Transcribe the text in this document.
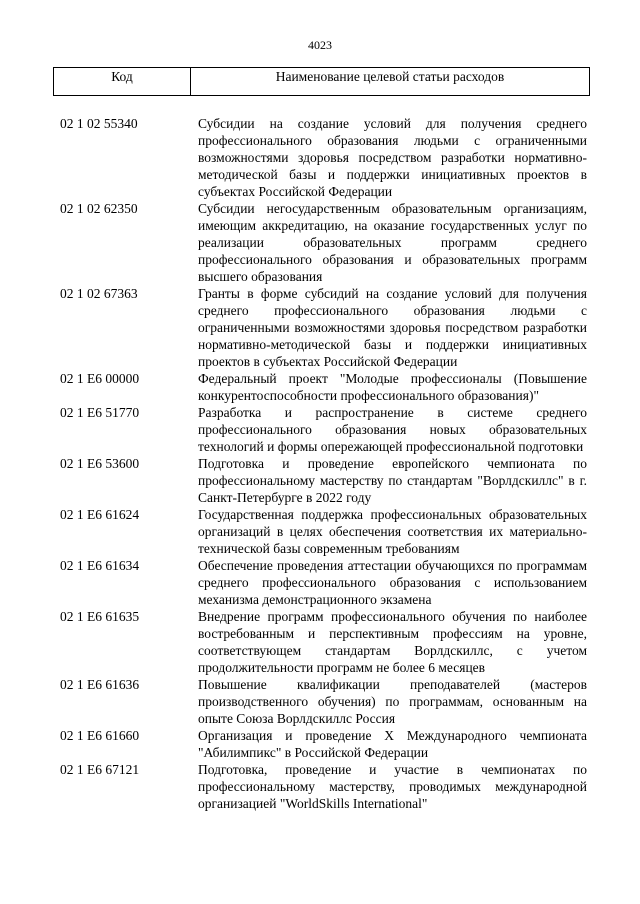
4023
Код	Наименование целевой статьи расходов
02 1 02 55340	Субсидии на создание условий для получения среднего профессионального образования людьми с ограниченными возможностями здоровья посредством разработки нормативно-методической базы и поддержки инициативных проектов в субъектах Российской Федерации
02 1 02 62350	Субсидии негосударственным образовательным организациям, имеющим аккредитацию, на оказание государственных услуг по реализации образовательных программ среднего профессионального образования и образовательных программ высшего образования
02 1 02 67363	Гранты в форме субсидий на создание условий для получения среднего профессионального образования людьми с ограниченными возможностями здоровья посредством разработки нормативно-методической базы и поддержки инициативных проектов в субъектах Российской Федерации
02 1 Е6 00000	Федеральный проект "Молодые профессионалы (Повышение конкурентоспособности профессионального образования)"
02 1 Е6 51770	Разработка и распространение в системе среднего профессионального образования новых образовательных технологий и формы опережающей профессиональной подготовки
02 1 Е6 53600	Подготовка и проведение европейского чемпионата по профессиональному мастерству по стандартам "Ворлдскиллс" в г. Санкт-Петербурге в 2022 году
02 1 Е6 61624	Государственная поддержка профессиональных образовательных организаций в целях обеспечения соответствия их материально-технической базы современным требованиям
02 1 Е6 61634	Обеспечение проведения аттестации обучающихся по программам среднего профессионального образования с использованием механизма демонстрационного экзамена
02 1 Е6 61635	Внедрение программ профессионального обучения по наиболее востребованным и перспективным профессиям на уровне, соответствующем стандартам Ворлдскиллс, с учетом продолжительности программ не более 6 месяцев
02 1 Е6 61636	Повышение квалификации преподавателей (мастеров производственного обучения) по программам, основанным на опыте Союза Ворлдскиллс Россия
02 1 Е6 61660	Организация и проведение X Международного чемпионата "Абилимпикс" в Российской Федерации
02 1 Е6 67121	Подготовка, проведение и участие в чемпионатах по профессиональному мастерству, проводимых международной организацией "WorldSkills International"
